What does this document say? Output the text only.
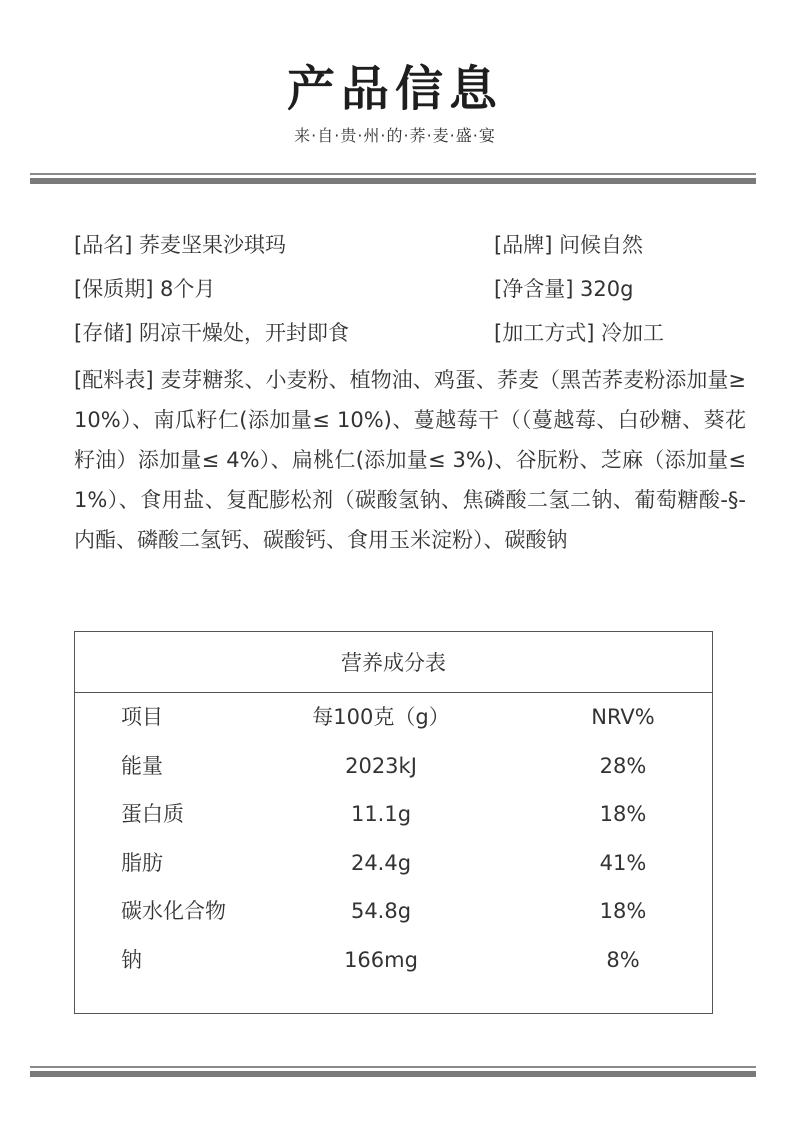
产品信息
来·自·贵·州·的·荞·麦·盛·宴
[品名] 荞麦坚果沙琪玛	[品牌] 问候自然
[保质期] 8个月	[净含量] 320g
[存储] 阴凉干燥处，开封即食	[加工方式] 冷加工
[配料表] 麦芽糖浆、小麦粉、植物油、鸡蛋、荞麦（黑苦荞麦粉添加量≥ 10%）、南瓜籽仁(添加量≤ 10%)、蔓越莓干（（蔓越莓、白砂糖、葵花籽油）添加量≤ 4%）、扁桃仁(添加量≤ 3%)、谷朊粉、芝麻（添加量≤ 1%）、食用盐、复配膨松剂（碳酸氢钠、焦磷酸二氢二钠、葡萄糖酸-§-内酯、磷酸二氢钙、碳酸钙、食用玉米淀粉）、碳酸钠
营养成分表
项目	每100克（g）	NRV%
能量	2023kJ	28%
蛋白质	11.1g	18%
脂肪	24.4g	41%
碳水化合物	54.8g	18%
钠	166mg	8%
